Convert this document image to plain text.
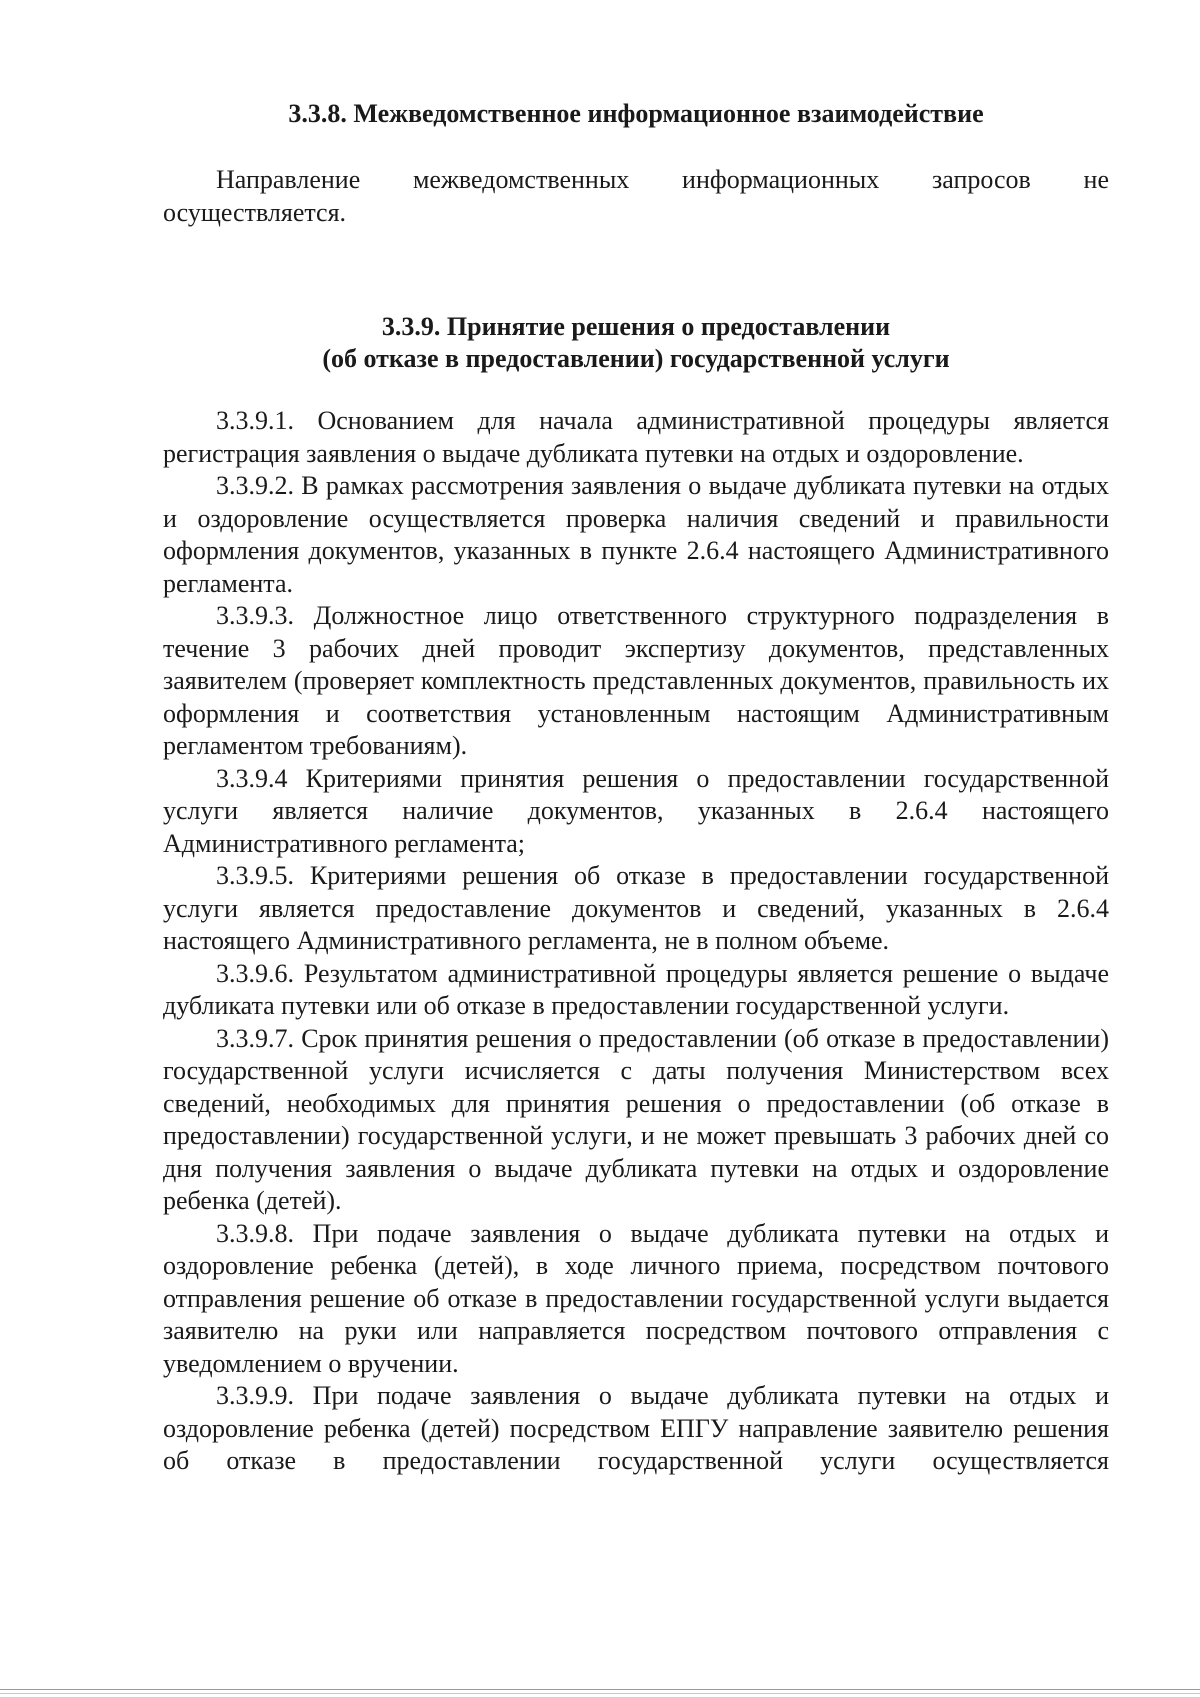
3.3.8. Межведомственное информационное взаимодействие

Направление межведомственных информационных запросов не осуществляется.

3.3.9. Принятие решения о предоставлении

(об отказе в предоставлении) государственной услуги

3.3.9.1. Основанием для начала административной процедуры является регистрация заявления о выдаче дубликата путевки на отдых и оздоровление.

3.3.9.2. В рамках рассмотрения заявления о выдаче дубликата путевки на отдых и оздоровление осуществляется проверка наличия сведений и правильности оформления документов, указанных в пункте 2.6.4 настоящего Административного регламента.

3.3.9.3. Должностное лицо ответственного структурного подразделения в течение 3 рабочих дней проводит экспертизу документов, представленных заявителем (проверяет комплектность представленных документов, правильность их оформления и соответствия установленным настоящим Административным регламентом требованиям).

3.3.9.4 Критериями принятия решения о предоставлении государственной услуги является наличие документов, указанных в 2.6.4 настоящего Административного регламента;

3.3.9.5. Критериями решения об отказе в предоставлении государственной услуги является предоставление документов и сведений, указанных в 2.6.4 настоящего Административного регламента, не в полном объеме.

3.3.9.6. Результатом административной процедуры является решение о выдаче дубликата путевки или об отказе в предоставлении государственной услуги.

3.3.9.7. Срок принятия решения о предоставлении (об отказе в предоставлении) государственной услуги исчисляется с даты получения Министерством всех сведений, необходимых для принятия решения о предоставлении (об отказе в предоставлении) государственной услуги, и не может превышать 3 рабочих дней со дня получения заявления о выдаче дубликата путевки на отдых и оздоровление ребенка (детей).

3.3.9.8. При подаче заявления о выдаче дубликата путевки на отдых и оздоровление ребенка (детей), в ходе личного приема, посредством почтового отправления решение об отказе в предоставлении государственной услуги выдается заявителю на руки или направляется посредством почтового отправления с уведомлением о вручении.

3.3.9.9. При подаче заявления о выдаче дубликата путевки на отдых и оздоровление ребенка (детей) посредством ЕПГУ направление заявителю решения об отказе в предоставлении государственной услуги осуществляется
